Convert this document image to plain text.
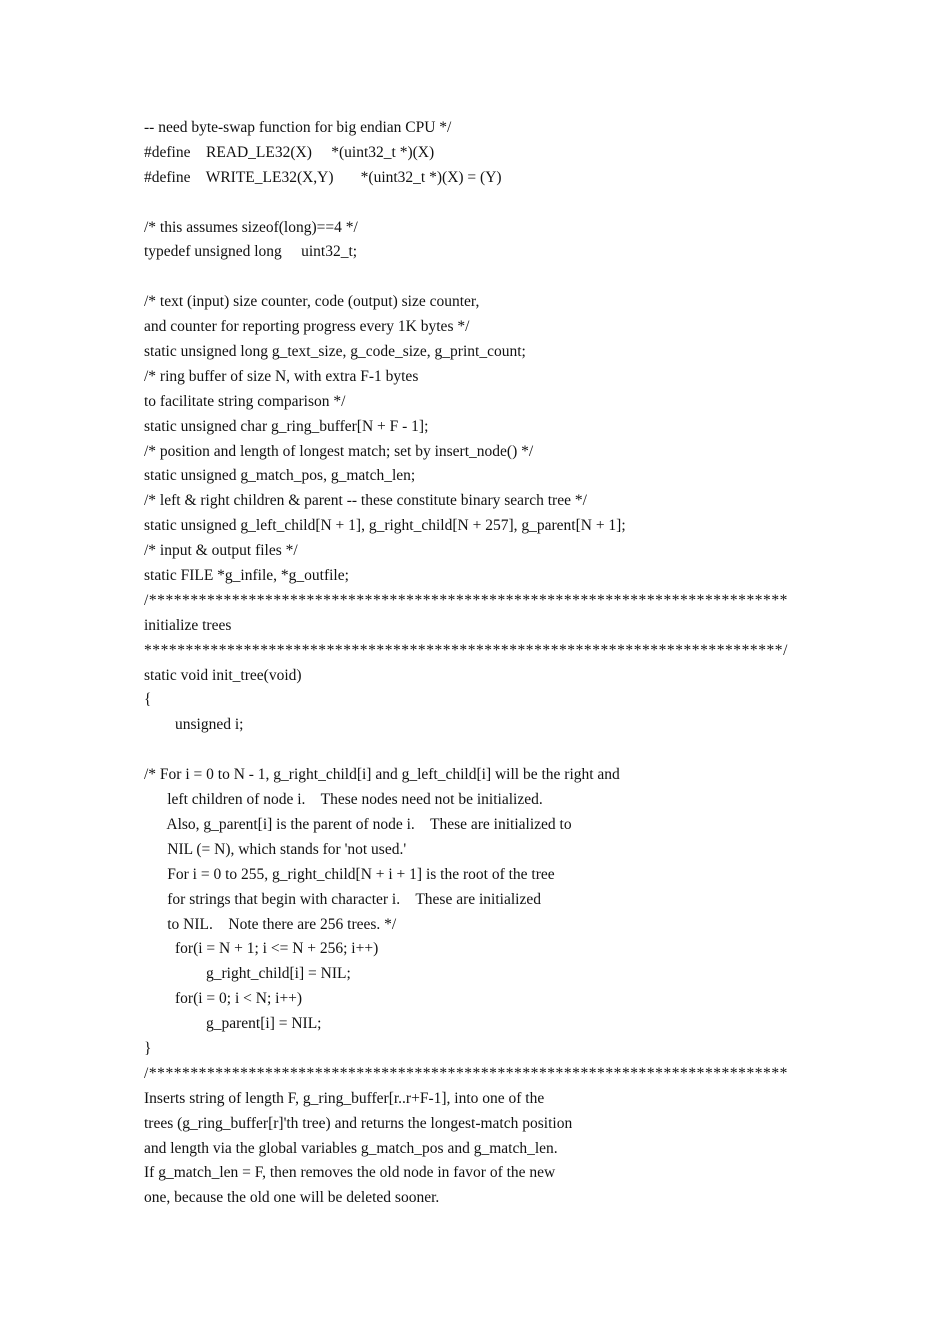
-- need byte-swap function for big endian CPU */
#define    READ_LE32(X)     *(uint32_t *)(X)
#define    WRITE_LE32(X,Y)       *(uint32_t *)(X) = (Y)
/* this assumes sizeof(long)==4 */
typedef unsigned long     uint32_t;
/* text (input) size counter, code (output) size counter,
and counter for reporting progress every 1K bytes */
static unsigned long g_text_size, g_code_size, g_print_count;
/* ring buffer of size N, with extra F-1 bytes
to facilitate string comparison */
static unsigned char g_ring_buffer[N + F - 1];
/* position and length of longest match; set by insert_node() */
static unsigned g_match_pos, g_match_len;
/* left & right children & parent -- these constitute binary search tree */
static unsigned g_left_child[N + 1], g_right_child[N + 257], g_parent[N + 1];
/* input & output files */
static FILE *g_infile, *g_outfile;
/*****************************************************************************
initialize trees
*****************************************************************************/
static void init_tree(void)
{
unsigned i;
/* For i = 0 to N - 1, g_right_child[i] and g_left_child[i] will be the right and
left children of node i.    These nodes need not be initialized.
Also, g_parent[i] is the parent of node i.    These are initialized to
NIL (= N), which stands for 'not used.'
For i = 0 to 255, g_right_child[N + i + 1] is the root of the tree
for strings that begin with character i.    These are initialized
to NIL.    Note there are 256 trees. */
for(i = N + 1; i <= N + 256; i++)
g_right_child[i] = NIL;
for(i = 0; i < N; i++)
g_parent[i] = NIL;
}
/*****************************************************************************
Inserts string of length F, g_ring_buffer[r..r+F-1], into one of the
trees (g_ring_buffer[r]'th tree) and returns the longest-match position
and length via the global variables g_match_pos and g_match_len.
If g_match_len = F, then removes the old node in favor of the new
one, because the old one will be deleted sooner.
